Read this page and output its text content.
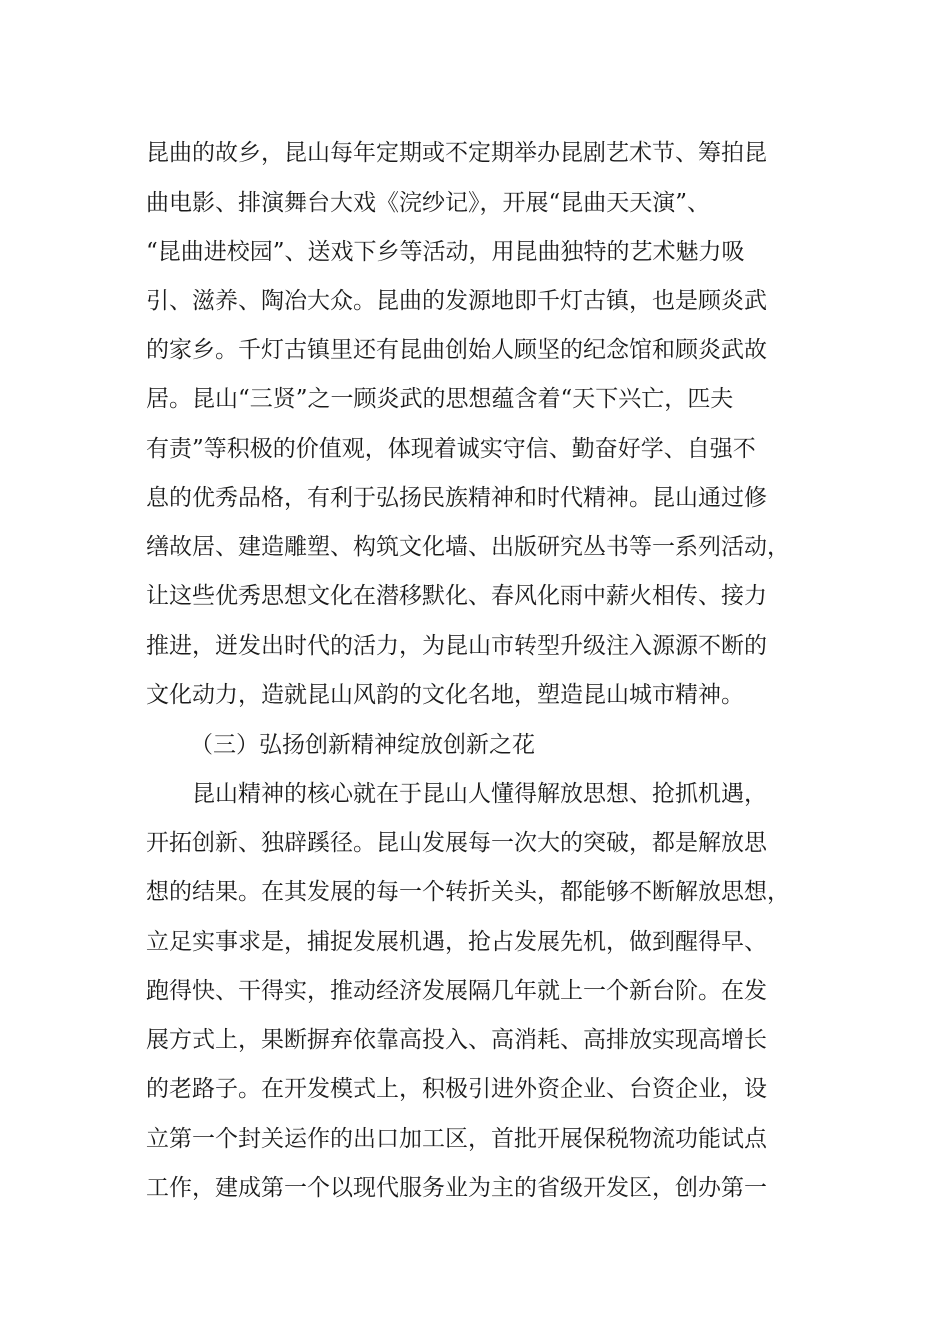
昆曲的故乡，昆山每年定期或不定期举办昆剧艺术节、筹拍昆
曲电影、排演舞台大戏《浣纱记》，开展“昆曲天天演”、
“昆曲进校园”、送戏下乡等活动，用昆曲独特的艺术魅力吸
引、滋养、陶冶大众。昆曲的发源地即千灯古镇，也是顾炎武
的家乡。千灯古镇里还有昆曲创始人顾坚的纪念馆和顾炎武故
居。昆山“三贤”之一顾炎武的思想蕴含着“天下兴亡，匹夫
有责”等积极的价值观，体现着诚实守信、勤奋好学、自强不
息的优秀品格，有利于弘扬民族精神和时代精神。昆山通过修
缮故居、建造雕塑、构筑文化墙、出版研究丛书等一系列活动，
让这些优秀思想文化在潜移默化、春风化雨中薪火相传、接力
推进，迸发出时代的活力，为昆山市转型升级注入源源不断的
文化动力，造就昆山风韵的文化名地，塑造昆山城市精神。
（三）弘扬创新精神绽放创新之花
昆山精神的核心就在于昆山人懂得解放思想、抢抓机遇，
开拓创新、独辟蹊径。昆山发展每一次大的突破，都是解放思
想的结果。在其发展的每一个转折关头，都能够不断解放思想，
立足实事求是，捕捉发展机遇，抢占发展先机，做到醒得早、
跑得快、干得实，推动经济发展隔几年就上一个新台阶。在发
展方式上，果断摒弃依靠高投入、高消耗、高排放实现高增长
的老路子。在开发模式上，积极引进外资企业、台资企业，设
立第一个封关运作的出口加工区，首批开展保税物流功能试点
工作，建成第一个以现代服务业为主的省级开发区，创办第一
